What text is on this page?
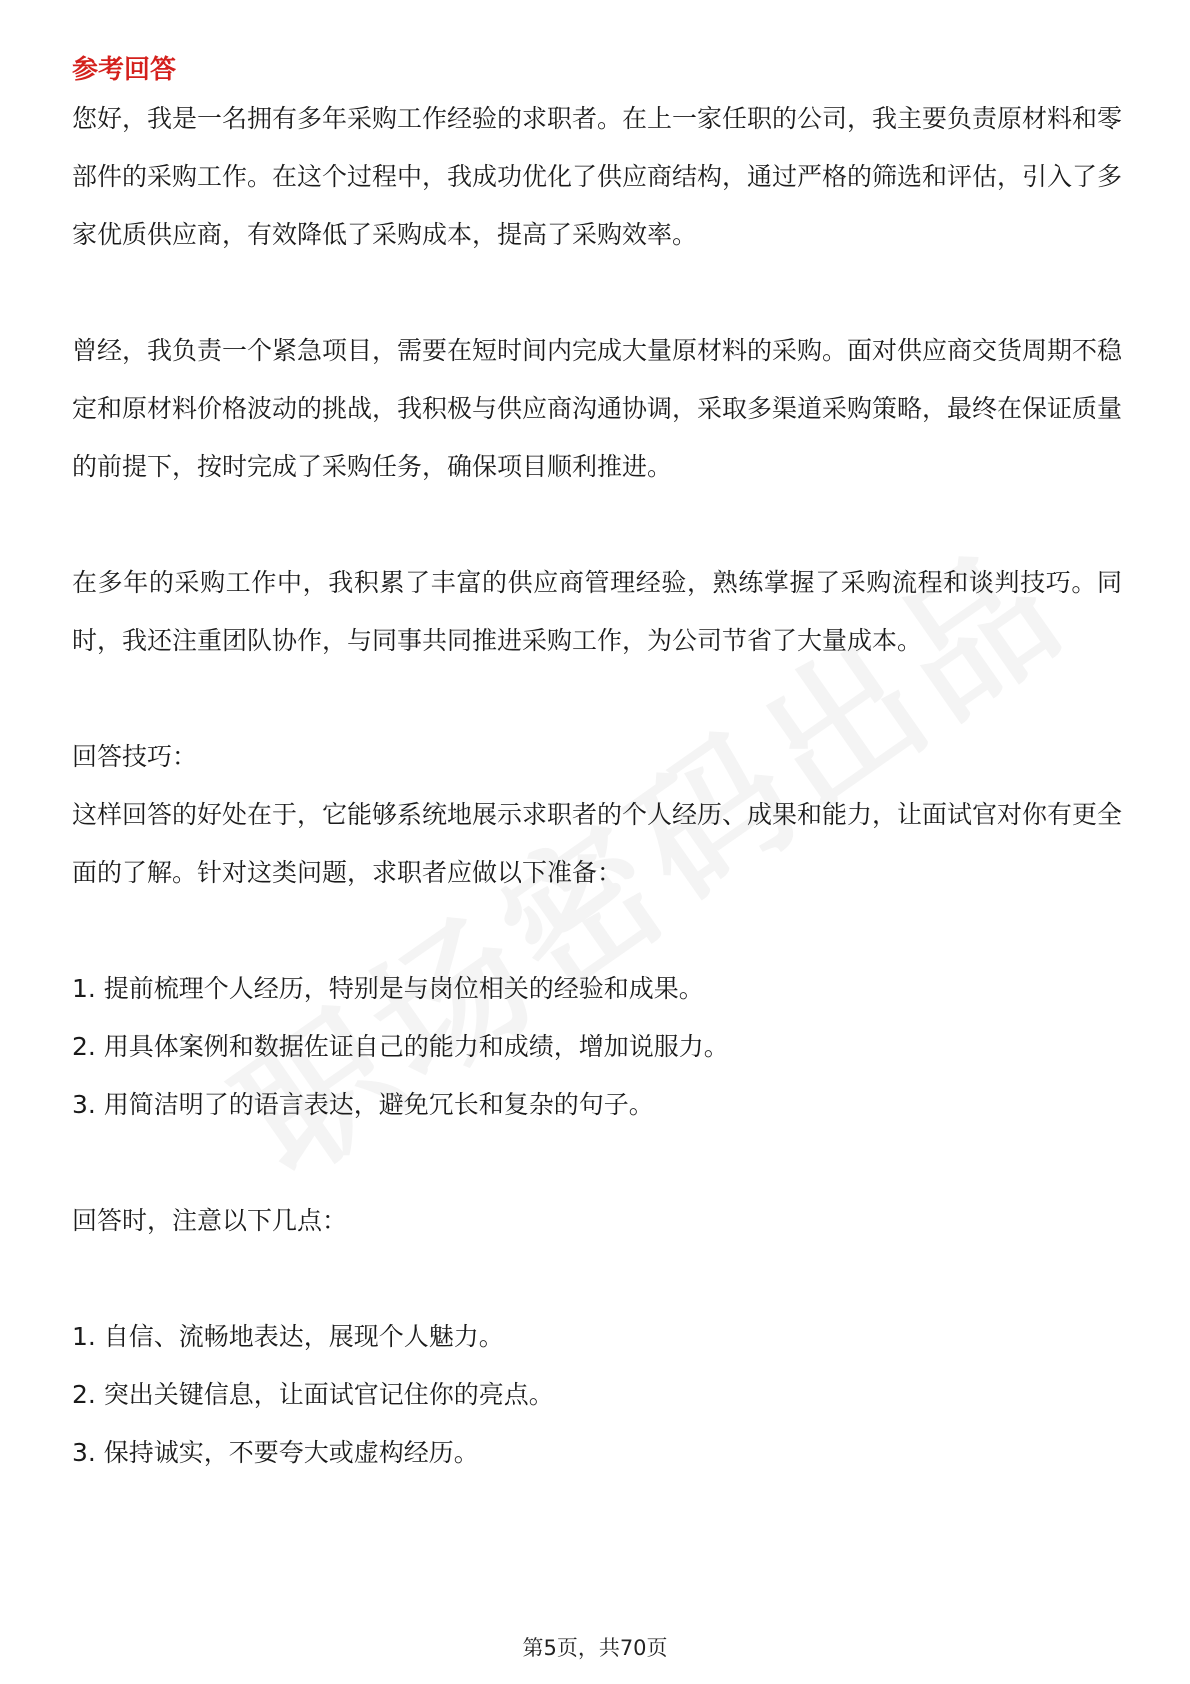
参考回答

您好，我是一名拥有多年采购工作经验的求职者。在上一家任职的公司，我主要负责原材料和零部件的采购工作。在这个过程中，我成功优化了供应商结构，通过严格的筛选和评估，引入了多家优质供应商，有效降低了采购成本，提高了采购效率。

曾经，我负责一个紧急项目，需要在短时间内完成大量原材料的采购。面对供应商交货周期不稳定和原材料价格波动的挑战，我积极与供应商沟通协调，采取多渠道采购策略，最终在保证质量的前提下，按时完成了采购任务，确保项目顺利推进。

在多年的采购工作中，我积累了丰富的供应商管理经验，熟练掌握了采购流程和谈判技巧。同时，我还注重团队协作，与同事共同推进采购工作，为公司节省了大量成本。

回答技巧：

这样回答的好处在于，它能够系统地展示求职者的个人经历、成果和能力，让面试官对你有更全面的了解。针对这类问题，求职者应做以下准备：

1. 提前梳理个人经历，特别是与岗位相关的经验和成果。

2. 用具体案例和数据佐证自己的能力和成绩，增加说服力。

3. 用简洁明了的语言表达，避免冗长和复杂的句子。

回答时，注意以下几点：

1. 自信、流畅地表达，展现个人魅力。

2. 突出关键信息，让面试官记住你的亮点。

3. 保持诚实，不要夸大或虚构经历。

第5页，共70页
